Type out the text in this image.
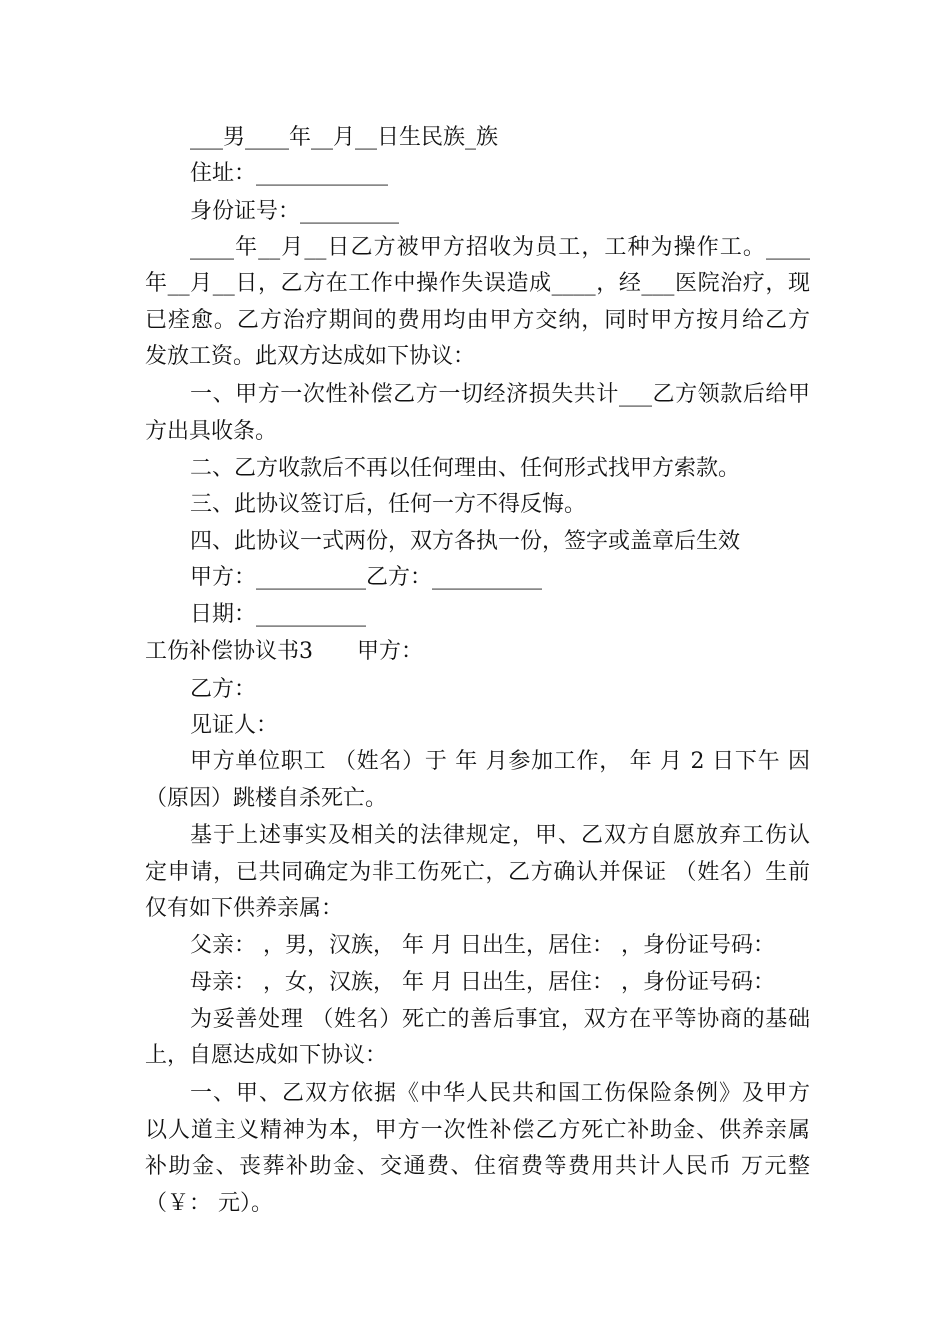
___男____年__月__日生民族_族
住址：____________
身份证号：_________
____年__月__日乙方被甲方招收为员工，工种为操作工。____
年__月__日，乙方在工作中操作失误造成____，经___医院治疗，现
已痊愈。乙方治疗期间的费用均由甲方交纳，同时甲方按月给乙方
发放工资。此双方达成如下协议：
一、甲方一次性补偿乙方一切经济损失共计___乙方领款后给甲
方出具收条。
二、乙方收款后不再以任何理由、任何形式找甲方索款。
三、此协议签订后，任何一方不得反悔。
四、此协议一式两份，双方各执一份，签字或盖章后生效
甲方：__________乙方：__________
日期：__________
工伤补偿协议书3　　甲方：
乙方：
见证人：
甲方单位职工 （姓名）于 年 月参加工作， 年 月 2 日下午 因
（原因）跳楼自杀死亡。
基于上述事实及相关的法律规定，甲、乙双方自愿放弃工伤认
定申请，已共同确定为非工伤死亡，乙方确认并保证 （姓名）生前
仅有如下供养亲属：
父亲： ，男，汉族， 年 月 日出生，居住： ，身份证号码：
母亲： ，女，汉族， 年 月 日出生，居住： ，身份证号码：
为妥善处理 （姓名）死亡的善后事宜，双方在平等协商的基础
上，自愿达成如下协议：
一、甲、乙双方依据《中华人民共和国工伤保险条例》及甲方
以人道主义精神为本，甲方一次性补偿乙方死亡补助金、供养亲属
补助金、丧葬补助金、交通费、住宿费等费用共计人民币 万元整
（￥： 元）。
